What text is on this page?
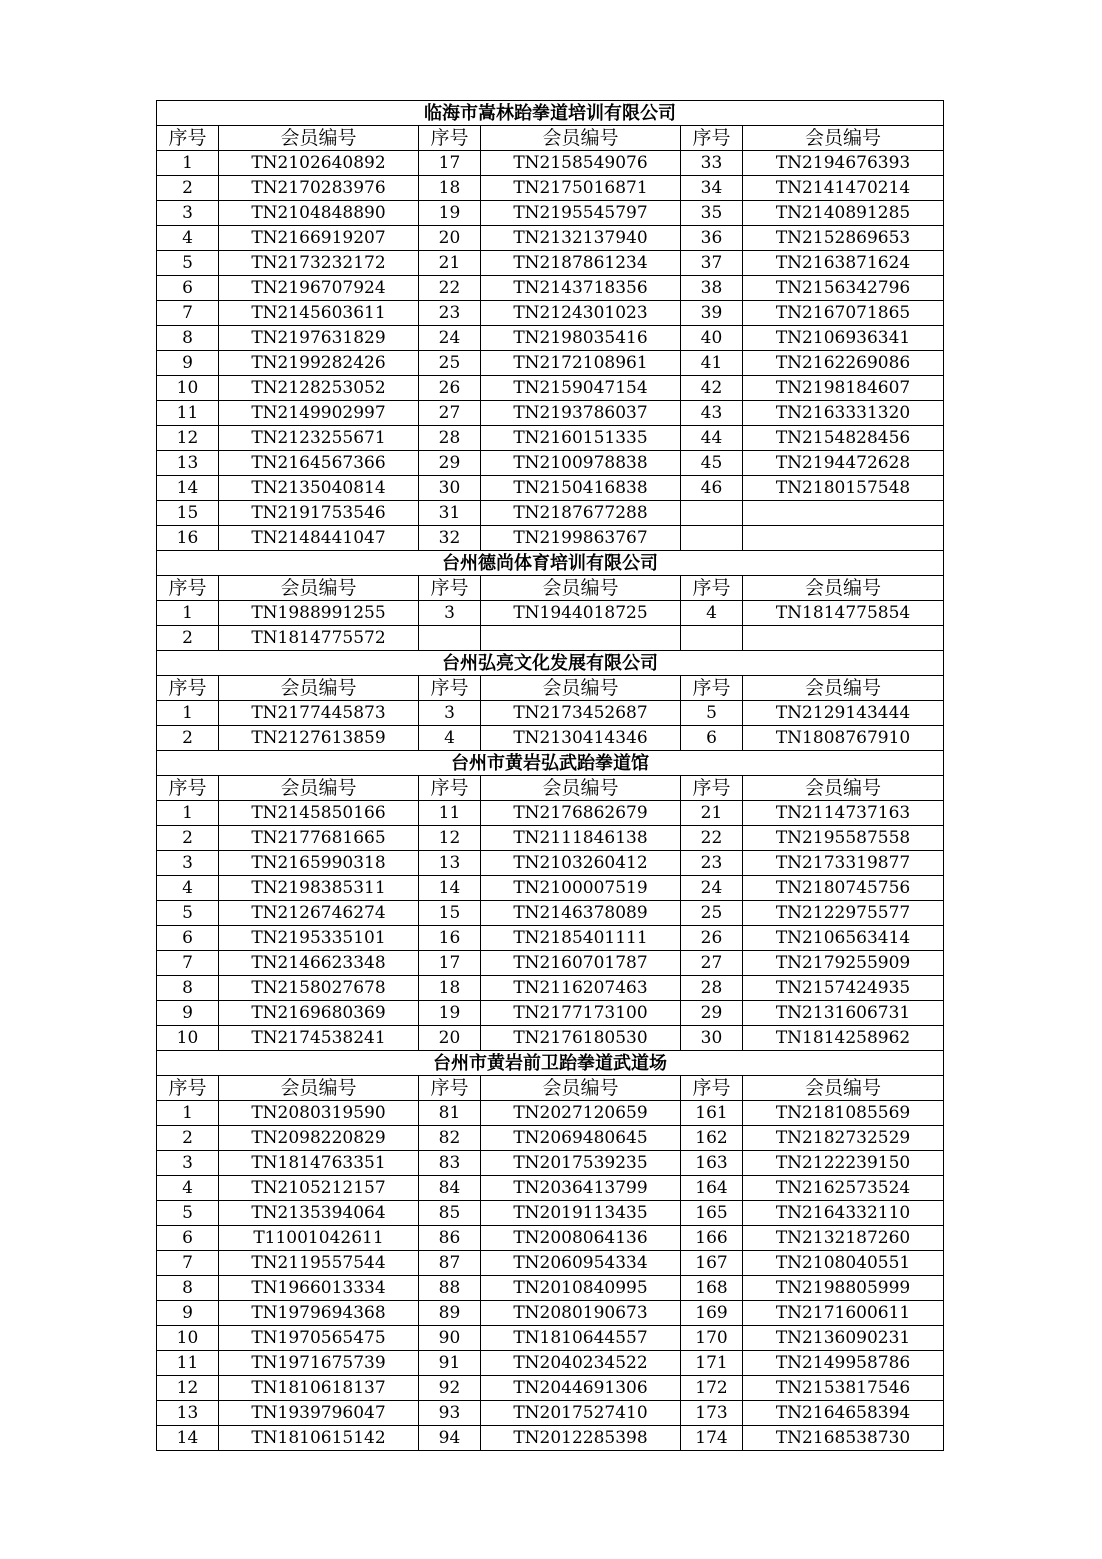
临海市嵩林跆拳道培训有限公司					
序号	会员编号	序号	会员编号	序号	会员编号
1	TN2102640892	17	TN2158549076	33	TN2194676393
2	TN2170283976	18	TN2175016871	34	TN2141470214
3	TN2104848890	19	TN2195545797	35	TN2140891285
4	TN2166919207	20	TN2132137940	36	TN2152869653
5	TN2173232172	21	TN2187861234	37	TN2163871624
6	TN2196707924	22	TN2143718356	38	TN2156342796
7	TN2145603611	23	TN2124301023	39	TN2167071865
8	TN2197631829	24	TN2198035416	40	TN2106936341
9	TN2199282426	25	TN2172108961	41	TN2162269086
10	TN2128253052	26	TN2159047154	42	TN2198184607
11	TN2149902997	27	TN2193786037	43	TN2163331320
12	TN2123255671	28	TN2160151335	44	TN2154828456
13	TN2164567366	29	TN2100978838	45	TN2194472628
14	TN2135040814	30	TN2150416838	46	TN2180157548
15	TN2191753546	31	TN2187677288		
16	TN2148441047	32	TN2199863767		
台州德尚体育培训有限公司					
序号	会员编号	序号	会员编号	序号	会员编号
1	TN1988991255	3	TN1944018725	4	TN1814775854
2	TN1814775572				
台州弘亮文化发展有限公司					
序号	会员编号	序号	会员编号	序号	会员编号
1	TN2177445873	3	TN2173452687	5	TN2129143444
2	TN2127613859	4	TN2130414346	6	TN1808767910
台州市黄岩弘武跆拳道馆					
序号	会员编号	序号	会员编号	序号	会员编号
1	TN2145850166	11	TN2176862679	21	TN2114737163
2	TN2177681665	12	TN2111846138	22	TN2195587558
3	TN2165990318	13	TN2103260412	23	TN2173319877
4	TN2198385311	14	TN2100007519	24	TN2180745756
5	TN2126746274	15	TN2146378089	25	TN2122975577
6	TN2195335101	16	TN2185401111	26	TN2106563414
7	TN2146623348	17	TN2160701787	27	TN2179255909
8	TN2158027678	18	TN2116207463	28	TN2157424935
9	TN2169680369	19	TN2177173100	29	TN2131606731
10	TN2174538241	20	TN2176180530	30	TN1814258962
台州市黄岩前卫跆拳道武道场					
序号	会员编号	序号	会员编号	序号	会员编号
1	TN2080319590	81	TN2027120659	161	TN2181085569
2	TN2098220829	82	TN2069480645	162	TN2182732529
3	TN1814763351	83	TN2017539235	163	TN2122239150
4	TN2105212157	84	TN2036413799	164	TN2162573524
5	TN2135394064	85	TN2019113435	165	TN2164332110
6	T11001042611	86	TN2008064136	166	TN2132187260
7	TN2119557544	87	TN2060954334	167	TN2108040551
8	TN1966013334	88	TN2010840995	168	TN2198805999
9	TN1979694368	89	TN2080190673	169	TN2171600611
10	TN1970565475	90	TN1810644557	170	TN2136090231
11	TN1971675739	91	TN2040234522	171	TN2149958786
12	TN1810618137	92	TN2044691306	172	TN2153817546
13	TN1939796047	93	TN2017527410	173	TN2164658394
14	TN1810615142	94	TN2012285398	174	TN2168538730
